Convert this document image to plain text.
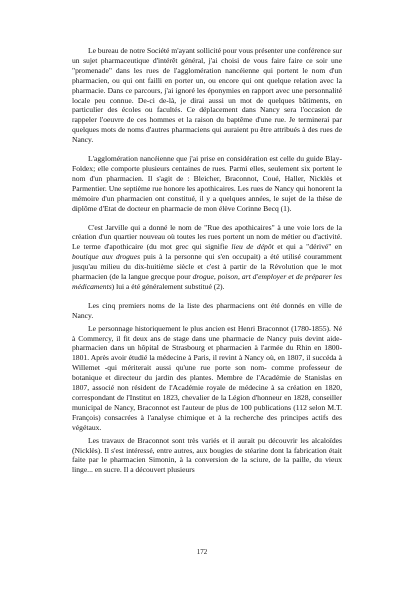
Le bureau de notre Société m'ayant sollicité pour vous présenter une conférence sur un sujet pharmaceutique d'intérêt général, j'ai choisi de vous faire faire ce soir une "promenade" dans les rues de l'agglomération nancéienne qui portent le nom d'un pharmacien, ou qui ont failli en porter un, ou encore qui ont quelque relation avec la pharmacie. Dans ce parcours, j'ai ignoré les éponymies en rapport avec une personnalité locale peu connue. De-ci de-là, je dirai aussi un mot de quelques bâtiments, en particulier des écoles ou facultés. Ce déplacement dans Nancy sera l'occasion de rappeler l'oeuvre de ces hommes et la raison du baptême d'une rue. Je terminerai par quelques mots de noms d'autres pharmaciens qui auraient pu être attribués à des rues de Nancy.

L'agglomération nancéienne que j'ai prise en considération est celle du guide Blay-Foldex; elle comporte plusieurs centaines de rues. Parmi elles, seulement six portent le nom d'un pharmacien. Il s'agit de : Bleicher, Braconnot, Coué, Haller, Nicklès et Parmentier. Une septième rue honore les apothicaires. Les rues de Nancy qui honorent la mémoire d'un pharmacien ont constitué, il y a quelques années, le sujet de la thèse de diplôme d'Etat de docteur en pharmacie de mon élève Corinne Becq (1).

C'est Jarville qui a donné le nom de "Rue des apothicaires" à une voie lors de la création d'un quartier nouveau où toutes les rues portent un nom de métier ou d'activité. Le terme d'apothicaire (du mot grec qui signifie lieu de dépôt et qui a "dérivé" en boutique aux drogues puis à la personne qui s'en occupait) a été utilisé couramment jusqu'au milieu du dix-huitième siècle et c'est à partir de la Révolution que le mot pharmacien (de la langue grecque pour drogue, poison, art d'employer et de préparer les médicaments) lui a été généralement substitué (2).

Les cinq premiers noms de la liste des pharmaciens ont été donnés en ville de Nancy.

Le personnage historiquement le plus ancien est Henri Braconnot (1780-1855). Né à Commercy, il fit deux ans de stage dans une pharmacie de Nancy puis devint aide-pharmacien dans un hôpital de Strasbourg et pharmacien à l'armée du Rhin en 1800-1801. Après avoir étudié la médecine à Paris, il revint à Nancy où, en 1807, il succéda à Willemet -qui mériterait aussi qu'une rue porte son nom- comme professeur de botanique et directeur du jardin des plantes. Membre de l'Académie de Stanislas en 1807, associé non résident de l'Académie royale de médecine à sa création en 1820, correspondant de l'Institut en 1823, chevalier de la Légion d'honneur en 1828, conseiller municipal de Nancy, Braconnot est l'auteur de plus de 100 publications (112 selon M.T. François) consacrées à l'analyse chimique et à la recherche des principes actifs des végétaux.

Les travaux de Braconnot sont très variés et il aurait pu découvrir les alcaloïdes (Nicklès). Il s'est intéressé, entre autres, aux bougies de stéarine dont la fabrication était faite par le pharmacien Simonin, à la conversion de la sciure, de la paille, du vieux linge... en sucre. Il a découvert plusieurs

172
